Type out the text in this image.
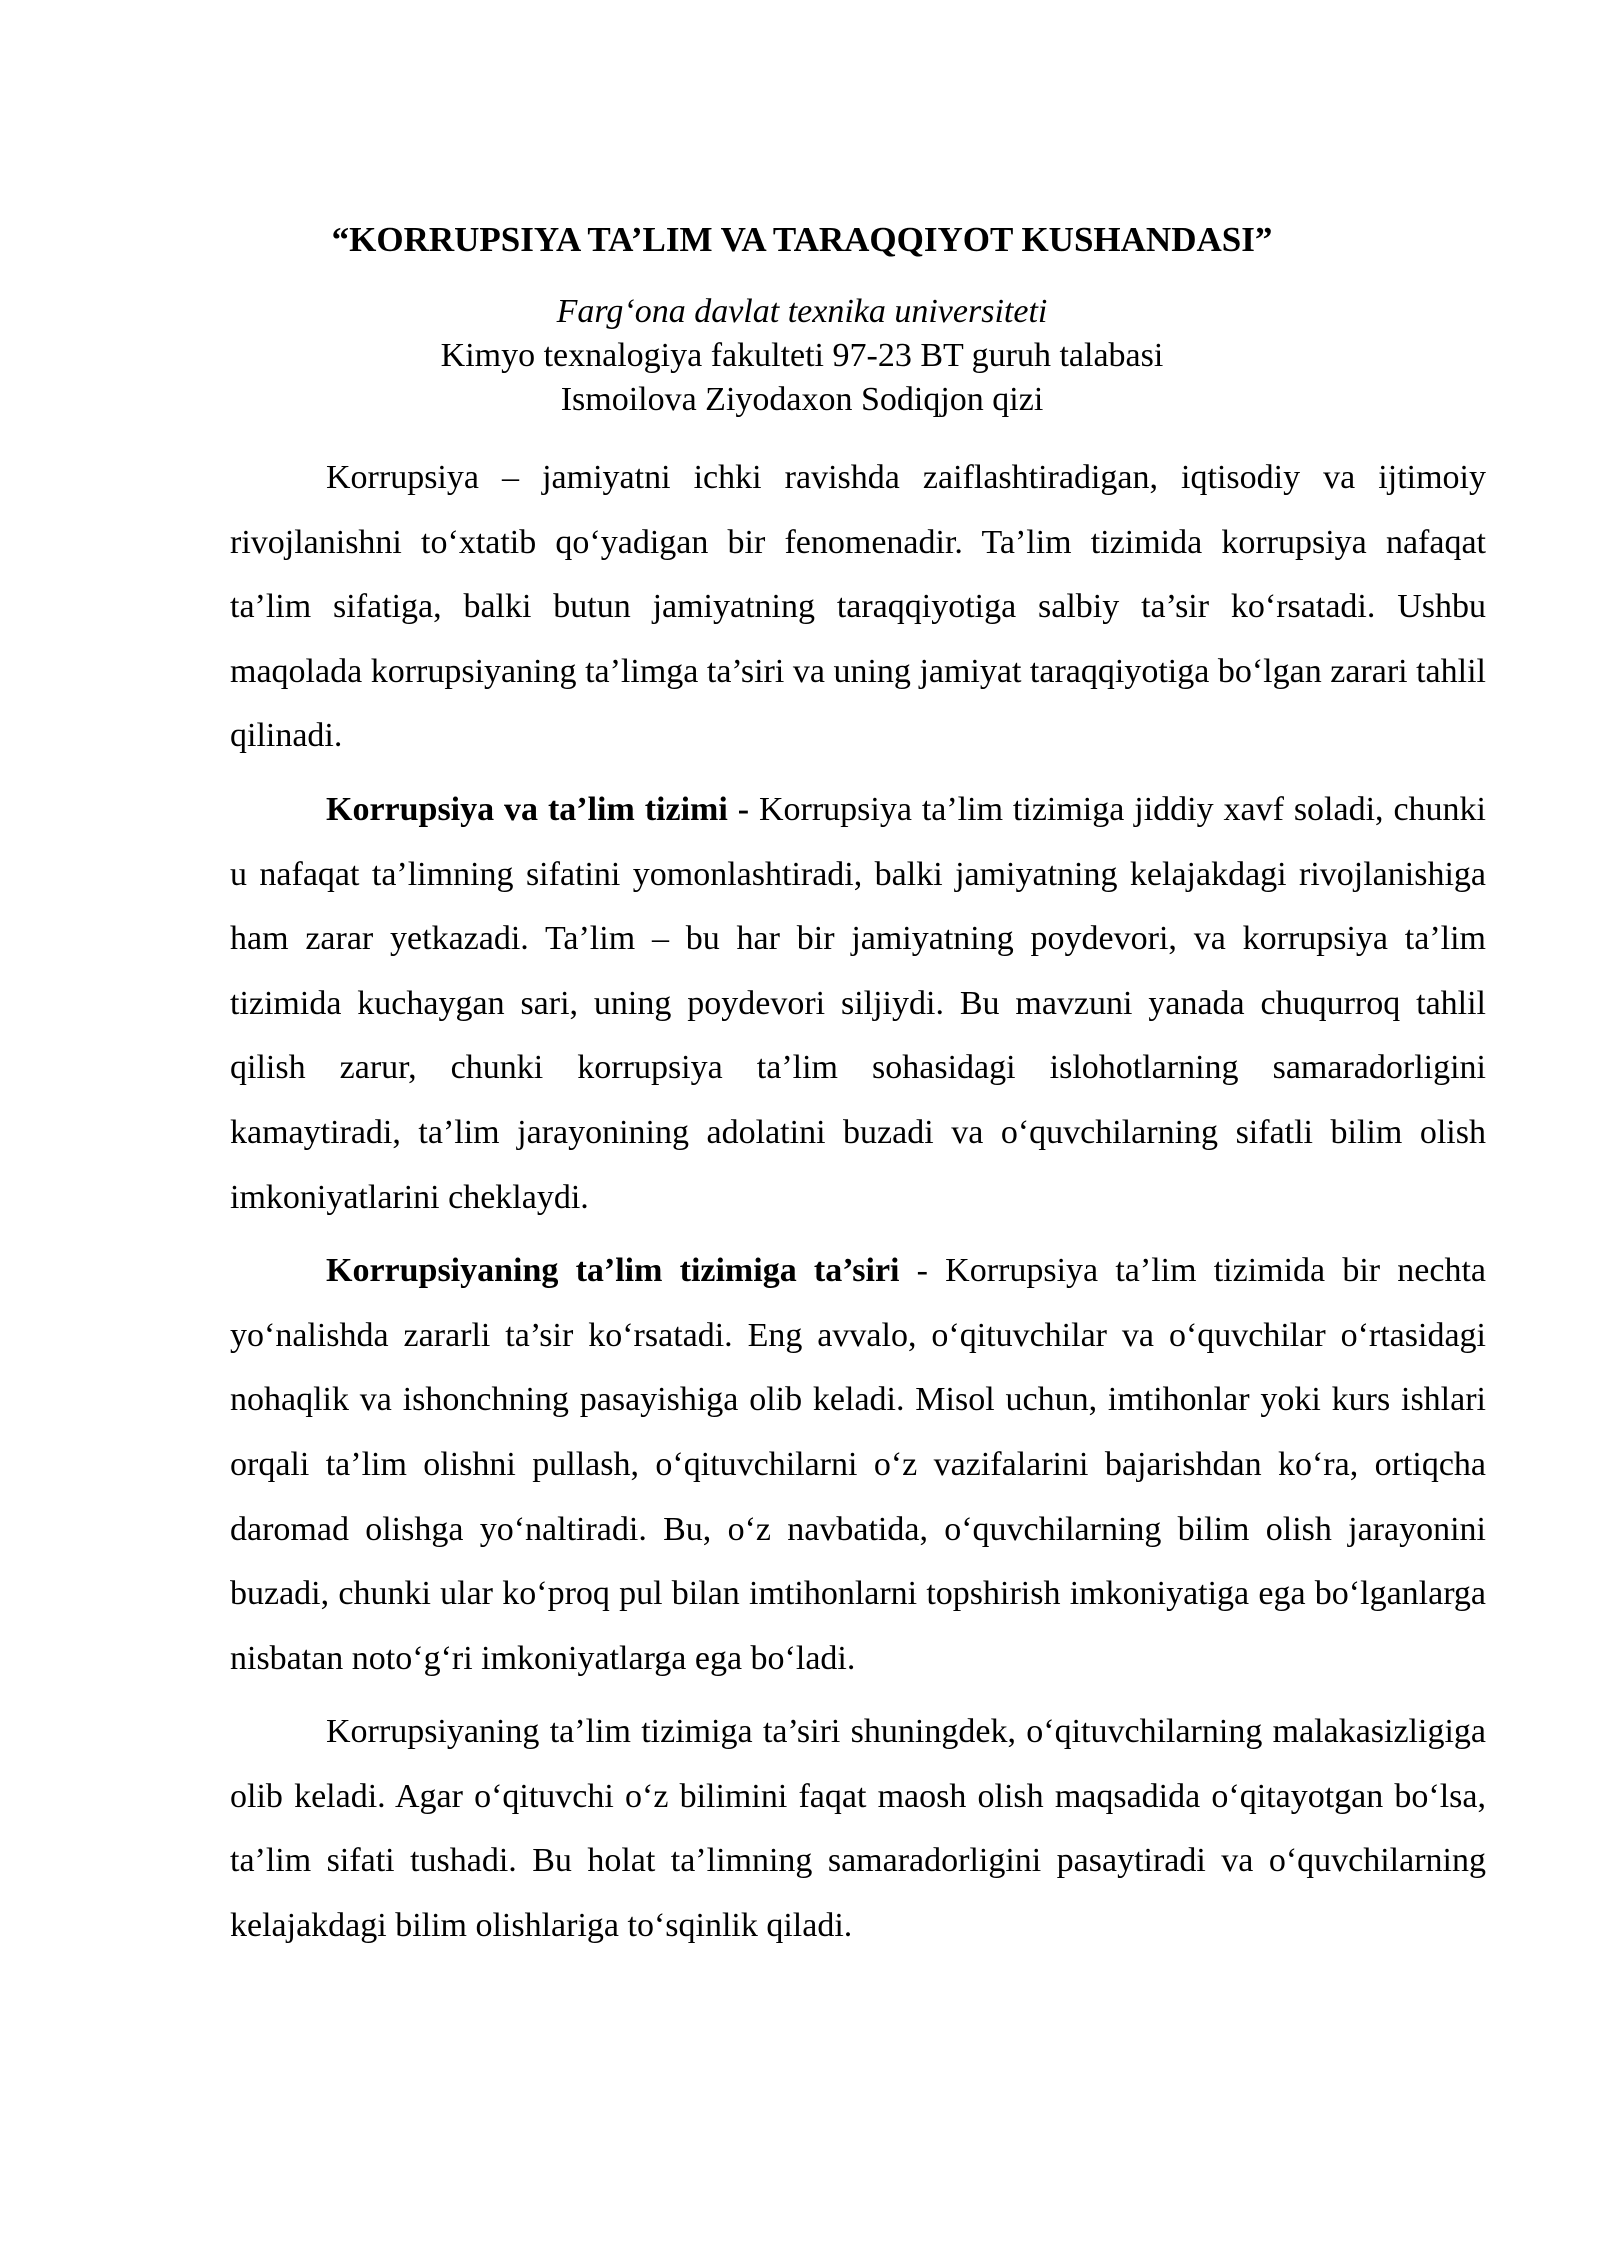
“KORRUPSIYA TA’LIM VA TARAQQIYOT KUSHANDASI”
Farg‘ona davlat texnika universiteti
Kimyo texnalogiya fakulteti 97-23 BT guruh talabasi
Ismoilova Ziyodaxon Sodiqjon qizi

Korrupsiya – jamiyatni ichki ravishda zaiflashtiradigan, iqtisodiy va ijtimoiy rivojlanishni to‘xtatib qo‘yadigan bir fenomenadir. Ta’lim tizimida korrupsiya nafaqat ta’lim sifatiga, balki butun jamiyatning taraqqiyotiga salbiy ta’sir ko‘rsatadi. Ushbu maqolada korrupsiyaning ta’limga ta’siri va uning jamiyat taraqqiyotiga bo‘lgan zarari tahlil qilinadi.

Korrupsiya va ta’lim tizimi - Korrupsiya ta’lim tizimiga jiddiy xavf soladi, chunki u nafaqat ta’limning sifatini yomonlashtiradi, balki jamiyatning kelajakdagi rivojlanishiga ham zarar yetkazadi. Ta’lim – bu har bir jamiyatning poydevori, va korrupsiya ta’lim tizimida kuchaygan sari, uning poydevori siljiydi. Bu mavzuni yanada chuqurroq tahlil qilish zarur, chunki korrupsiya ta’lim sohasidagi islohotlarning samaradorligini kamaytiradi, ta’lim jarayonining adolatini buzadi va o‘quvchilarning sifatli bilim olish imkoniyatlarini cheklaydi.

Korrupsiyaning ta’lim tizimiga ta’siri - Korrupsiya ta’lim tizimida bir nechta yo‘nalishda zararli ta’sir ko‘rsatadi. Eng avvalo, o‘qituvchilar va o‘quvchilar o‘rtasidagi nohaqlik va ishonchning pasayishiga olib keladi. Misol uchun, imtihonlar yoki kurs ishlari orqali ta’lim olishni pullash, o‘qituvchilarni o‘z vazifalarini bajarishdan ko‘ra, ortiqcha daromad olishga yo‘naltiradi. Bu, o‘z navbatida, o‘quvchilarning bilim olish jarayonini buzadi, chunki ular ko‘proq pul bilan imtihonlarni topshirish imkoniyatiga ega bo‘lganlarga nisbatan noto‘g‘ri imkoniyatlarga ega bo‘ladi.

Korrupsiyaning ta’lim tizimiga ta’siri shuningdek, o‘qituvchilarning malakasizligiga olib keladi. Agar o‘qituvchi o‘z bilimini faqat maosh olish maqsadida o‘qitayotgan bo‘lsa, ta’lim sifati tushadi. Bu holat ta’limning samaradorligini pasaytiradi va o‘quvchilarning kelajakdagi bilim olishlariga to‘sqinlik qiladi.
